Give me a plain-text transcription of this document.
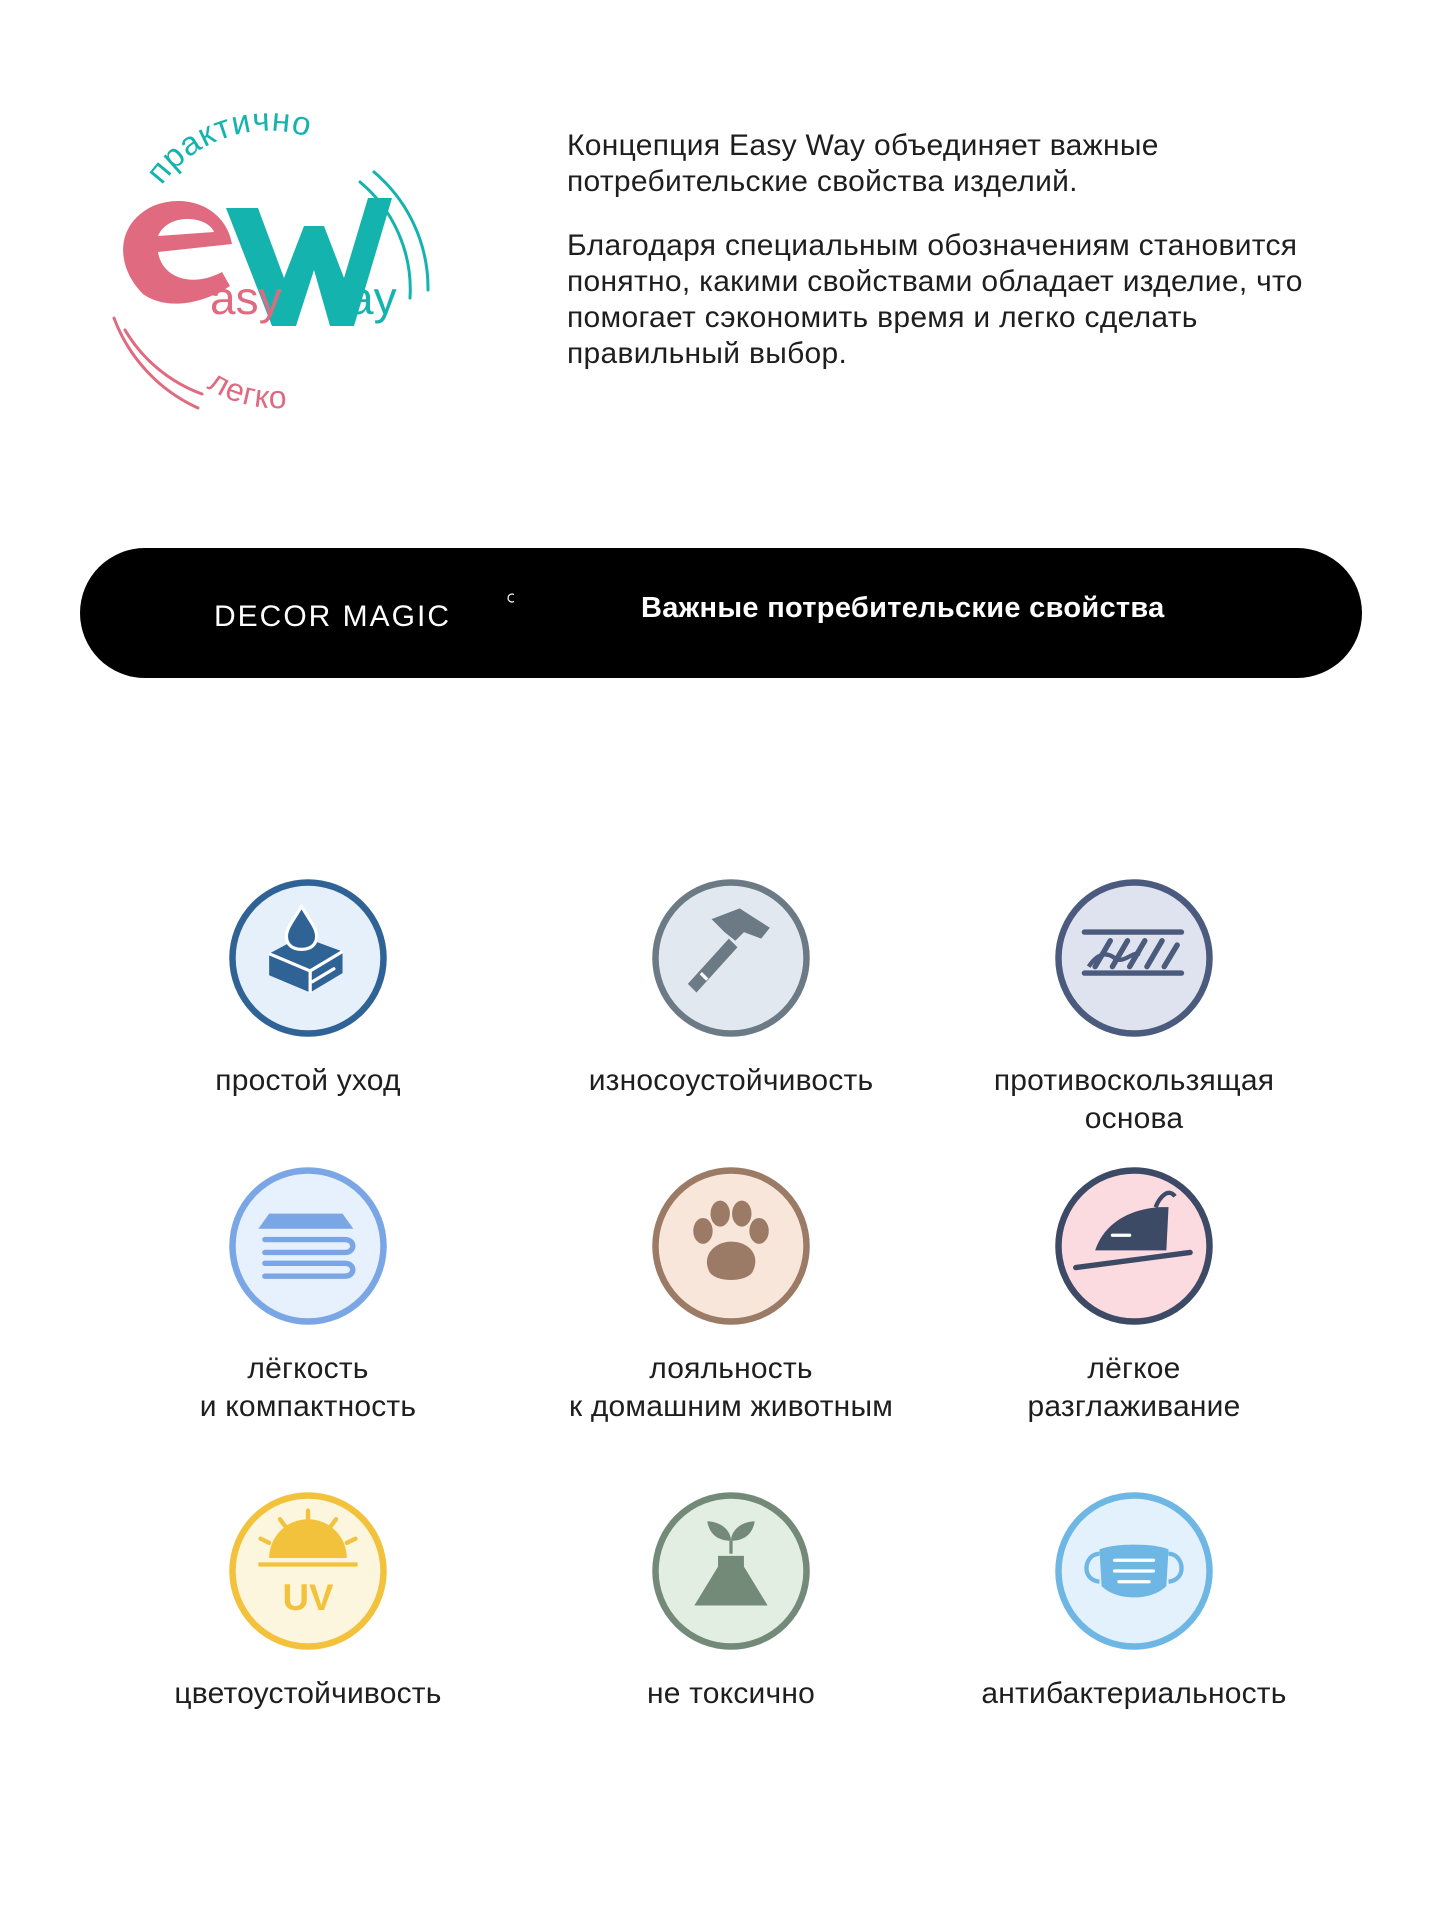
практично
легко
asy ay

Концепция Easy Way объединяет важные потребительские свойства изделий.

Благодаря специальным обозначениям становится понятно, какими свойствами обладает изделие, что помогает сэкономить время и легко сделать правильный выбор.

DECOR MAGIC	Важные потребительские свойства
простой уход	износоустойчивость	противоскользящая
основа
лёгкость
и компактность
лояльность
к домашним животным
лёгкое
разглаживание
UV
цветоустойчивость	не токсично	антибактериальность
